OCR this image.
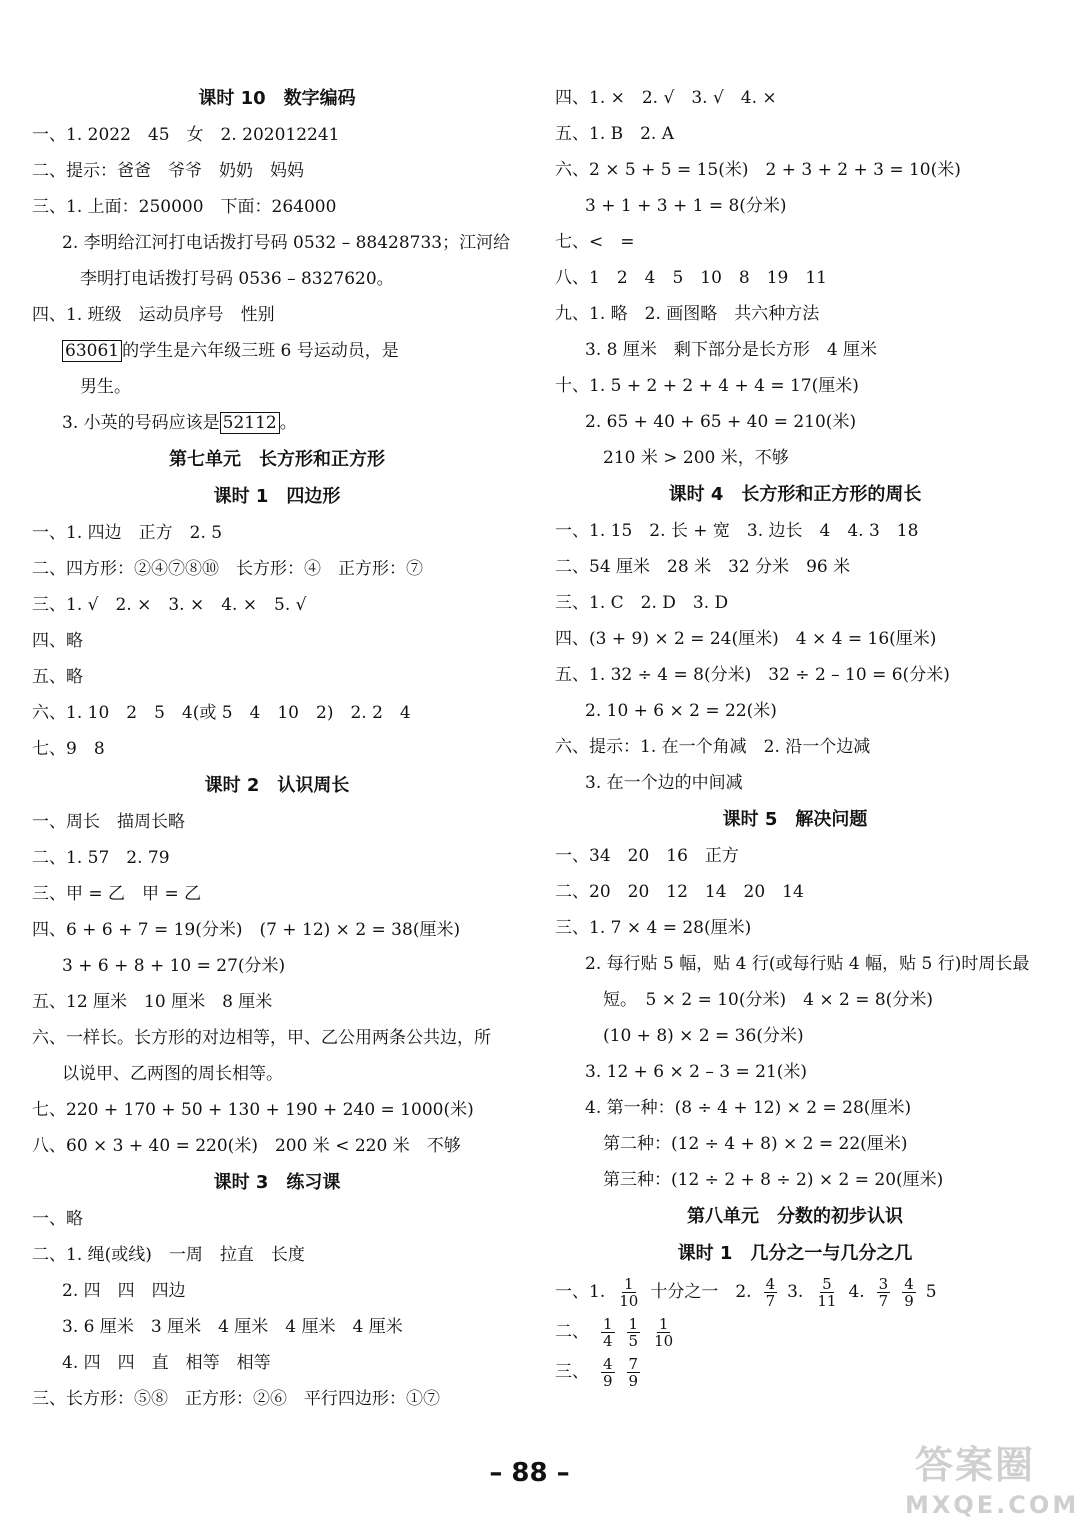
课时 10　数字编码
一、1. 2022　45　女　2. 202012241
二、提示：爸爸　爷爷　奶奶　妈妈
三、1. 上面：250000　下面：264000
2. 李明给江河打电话拨打号码 0532 – 88428733；江河给
李明打电话拨打号码 0536 – 8327620。
四、1. 班级　运动员序号　性别
63061 的学生是六年级三班 6 号运动员，是
男生。
3. 小英的号码应该是 52112 。
第七单元　长方形和正方形
课时 1　四边形
一、1. 四边　正方　2. 5
二、四方形：②④⑦⑧⑩　长方形：④　正方形：⑦
三、1. √　2. ×　3. ×　4. ×　5. √
四、略
五、略
六、1. 10　2　5　4(或 5　4　10　2)　2. 2　4
七、9　8
课时 2　认识周长
一、周长　描周长略
二、1. 57　2. 79
三、甲 = 乙　甲 = 乙
四、6 + 6 + 7 = 19(分米)　(7 + 12) × 2 = 38(厘米)
3 + 6 + 8 + 10 = 27(分米)
五、12 厘米　10 厘米　8 厘米
六、一样长。长方形的对边相等，甲、乙公用两条公共边，所
以说甲、乙两图的周长相等。
七、220 + 170 + 50 + 130 + 190 + 240 = 1000(米)
八、60 × 3 + 40 = 220(米)　200 米 < 220 米　不够
课时 3　练习课
一、略
二、1. 绳(或线)　一周　拉直　长度
2. 四　四　四边
3. 6 厘米　3 厘米　4 厘米　4 厘米　4 厘米
4. 四　四　直　相等　相等
三、长方形：⑤⑧　正方形：②⑥　平行四边形：①⑦
四、1. ×　2. √　3. √　4. ×
五、1. B　2. A
六、2 × 5 + 5 = 15(米)　2 + 3 + 2 + 3 = 10(米)
3 + 1 + 3 + 1 = 8(分米)
七、<　=
八、1　2　4　5　10　8　19　11
九、1. 略　2. 画图略　共六种方法
3. 8 厘米　剩下部分是长方形　4 厘米
十、1. 5 + 2 + 2 + 4 + 4 = 17(厘米)
2. 65 + 40 + 65 + 40 = 210(米)
210 米 > 200 米，不够
课时 4　长方形和正方形的周长
一、1. 15　2. 长 + 宽　3. 边长　4　4. 3　18
二、54 厘米　28 米　32 分米　96 米
三、1. C　2. D　3. D
四、(3 + 9) × 2 = 24(厘米)　4 × 4 = 16(厘米)
五、1. 32 ÷ 4 = 8(分米)　32 ÷ 2 – 10 = 6(分米)
2. 10 + 6 × 2 = 22(米)
六、提示：1. 在一个角减　2. 沿一个边减
3. 在一个边的中间减
课时 5　解决问题
一、34　20　16　正方
二、20　20　12　14　20　14
三、1. 7 × 4 = 28(厘米)
2. 每行贴 5 幅，贴 4 行(或每行贴 4 幅，贴 5 行)时周长最
短。　5 × 2 = 10(分米)　4 × 2 = 8(分米)
(10 + 8) × 2 = 36(分米)
3. 12 + 6 × 2 – 3 = 21(米)
4. 第一种：(8 ÷ 4 + 12) × 2 = 28(厘米)
第二种：(12 ÷ 4 + 8) × 2 = 22(厘米)
第三种：(12 ÷ 2 + 8 ÷ 2) × 2 = 20(厘米)
第八单元　分数的初步认识
课时 1　几分之一与几分之几
一、1. $\frac{1}{10}$ 十分之一　2. $\frac{4}{7} 3$. $\frac{5}{11} 4$. $\frac{3}{7} \frac{4}{9} 5$
二、 $\frac{1}{4} \frac{1}{5} \frac{1}{10}$
三、 $\frac{4}{9} \frac{7}{9}$
– 88 –	答案圈
MXQE.COM
